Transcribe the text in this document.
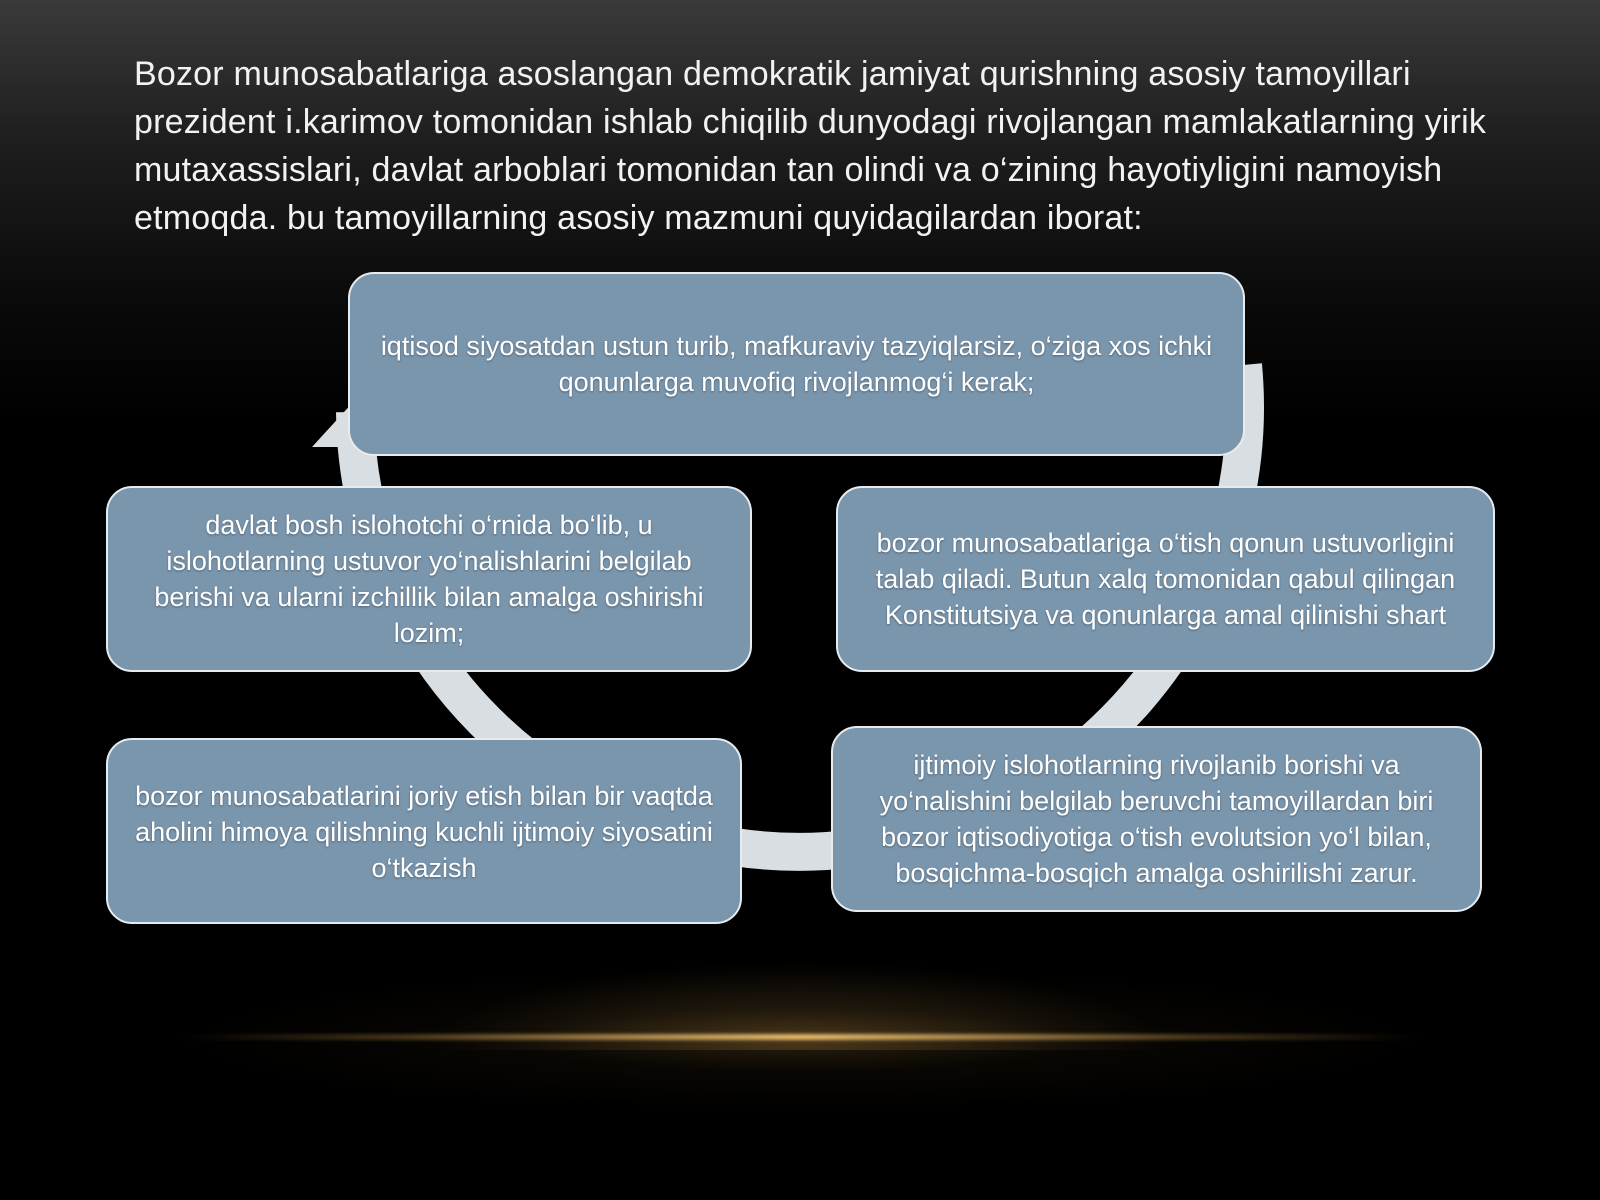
Bozor munosabatlariga asoslangan demokratik jamiyat qurishning asosiy tamoyillari prezident i.karimov tomonidan ishlab chiqilib dunyodagi rivojlangan mamlakatlarning yirik mutaxassislari, davlat arboblari tomonidan tan olindi va o‘zining hayotiyligini namoyish etmoqda. bu tamoyillarning asosiy mazmuni quyidagilardan iborat:

iqtisod siyosatdan ustun turib, mafkuraviy tazyiqlarsiz, o‘ziga xos ichki qonunlarga muvofiq rivojlanmog‘i kerak;
bozor munosabatlariga o‘tish qonun ustuvorligini talab qiladi. Butun xalq tomonidan qabul qilingan Konstitutsiya va qonunlarga amal qilinishi shart
ijtimoiy islohotlarning rivojlanib borishi va yo‘nalishini belgilab beruvchi tamoyillardan biri bozor iqtisodiyotiga o‘tish evolutsion yo‘l bilan, bosqichma-bosqich amalga oshirilishi zarur.
bozor munosabatlarini joriy etish bilan bir vaqtda aholini himoya qilishning kuchli ijtimoiy siyosatini o‘tkazish
davlat bosh islohotchi o‘rnida bo‘lib, u islohotlarning ustuvor yo‘nalishlarini belgilab berishi va ularni izchillik bilan amalga oshirishi lozim;
